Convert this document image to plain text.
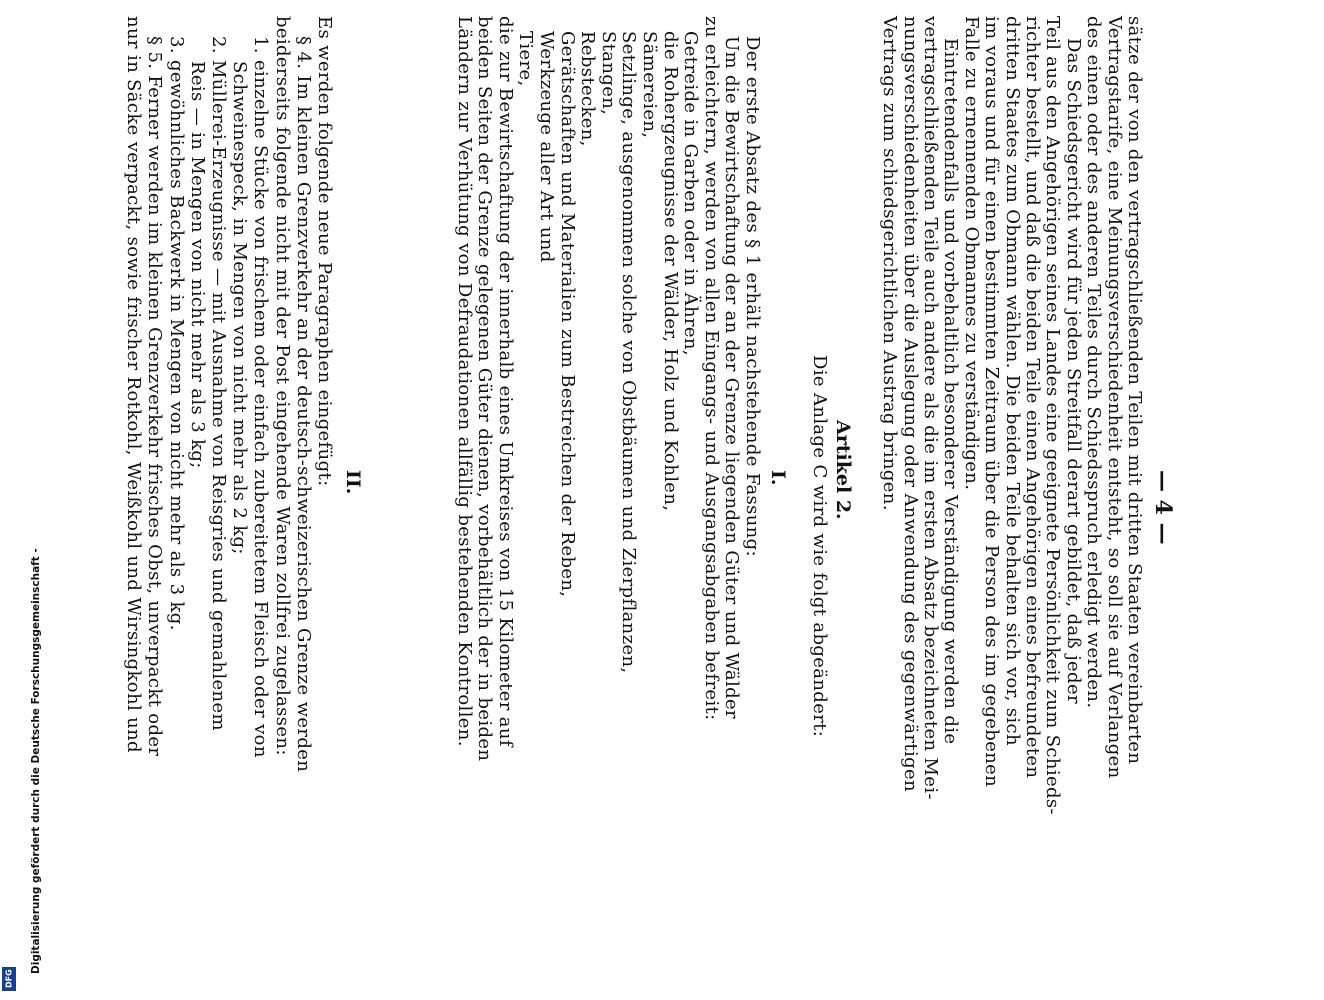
— 4 —
sätze der von den vertragschließenden Teilen mit dritten Staaten vereinbarten
Vertragstarife, eine Meinungsverschiedenheit entsteht, so soll sie auf Verlangen
des einen oder des anderen Teiles durch Schiedsspruch erledigt werden.
Das Schiedsgericht wird für jeden Streitfall derart gebildet, daß jeder
Teil aus den Angehörigen seines Landes eine geeignete Persönlichkeit zum Schieds-
richter bestellt, und daß die beiden Teile einen Angehörigen eines befreundeten
dritten Staates zum Obmann wählen. Die beiden Teile behalten sich vor, sich
im voraus und für einen bestimmten Zeitraum über die Person des im gegebenen
Falle zu ernennenden Obmannes zu verständigen.
Eintretendenfalls und vorbehaltlich besonderer Verständigung werden die
vertragschließenden Teile auch andere als die im ersten Absatz bezeichneten Mei-
nungsverschiedenheiten über die Auslegung oder Anwendung des gegenwärtigen
Vertrags zum schiedsgerichtlichen Austrag bringen.
Artikel 2.
Die Anlage C wird wie folgt abgeändert:
I.
Der erste Absatz des § 1 erhält nachstehende Fassung:
Um die Bewirtschaftung der an der Grenze liegenden Güter und Wälder
zu erleichtern, werden von allen Eingangs- und Ausgangsabgaben befreit:
Getreide in Garben oder in Ähren,
die Rohergzeugnisse der Wälder, Holz und Kohlen,
Sämereien,
Setzlinge, ausgenommen solche von Obstbäumen und Zierpflanzen,
Stangen,
Rebstecken,
Gerätschaften und Materialien zum Bestreichen der Reben,
Werkzeuge aller Art und
Tiere,
die zur Bewirtschaftung der innerhalb eines Umkreises von 15 Kilometer auf
beiden Seiten der Grenze gelegenen Güter dienen, vorbehältlich der in beiden
Ländern zur Verhütung von Defraudationen allfällig bestehenden Kontrollen.
II.
Es werden folgende neue Paragraphen eingefügt:
§ 4. Im kleinen Grenzverkehr an der deutsch-schweizerischen Grenze werden
beiderseits folgende nicht mit der Post eingehende Waren zollfrei zugelassen:
1. einzelne Stücke von frischem oder einfach zubereitetem Fleisch oder von
Schweinespeck, in Mengen von nicht mehr als 2 kg;
2. Müllerei-Erzeugnisse — mit Ausnahme von Reisgries und gemahlenem
Reis — in Mengen von nicht mehr als 3 kg;
3. gewöhnliches Backwerk in Mengen von nicht mehr als 3 kg.
§ 5. Ferner werden im kleinen Grenzverkehr frisches Obst, unverpackt oder
nur in Säcke verpackt, sowie frischer Rotkohl, Weißkohl und Wirsingkohl und
DFG
Digitalisierung gefördert durch die Deutsche Forschungsgemeinschaft -
